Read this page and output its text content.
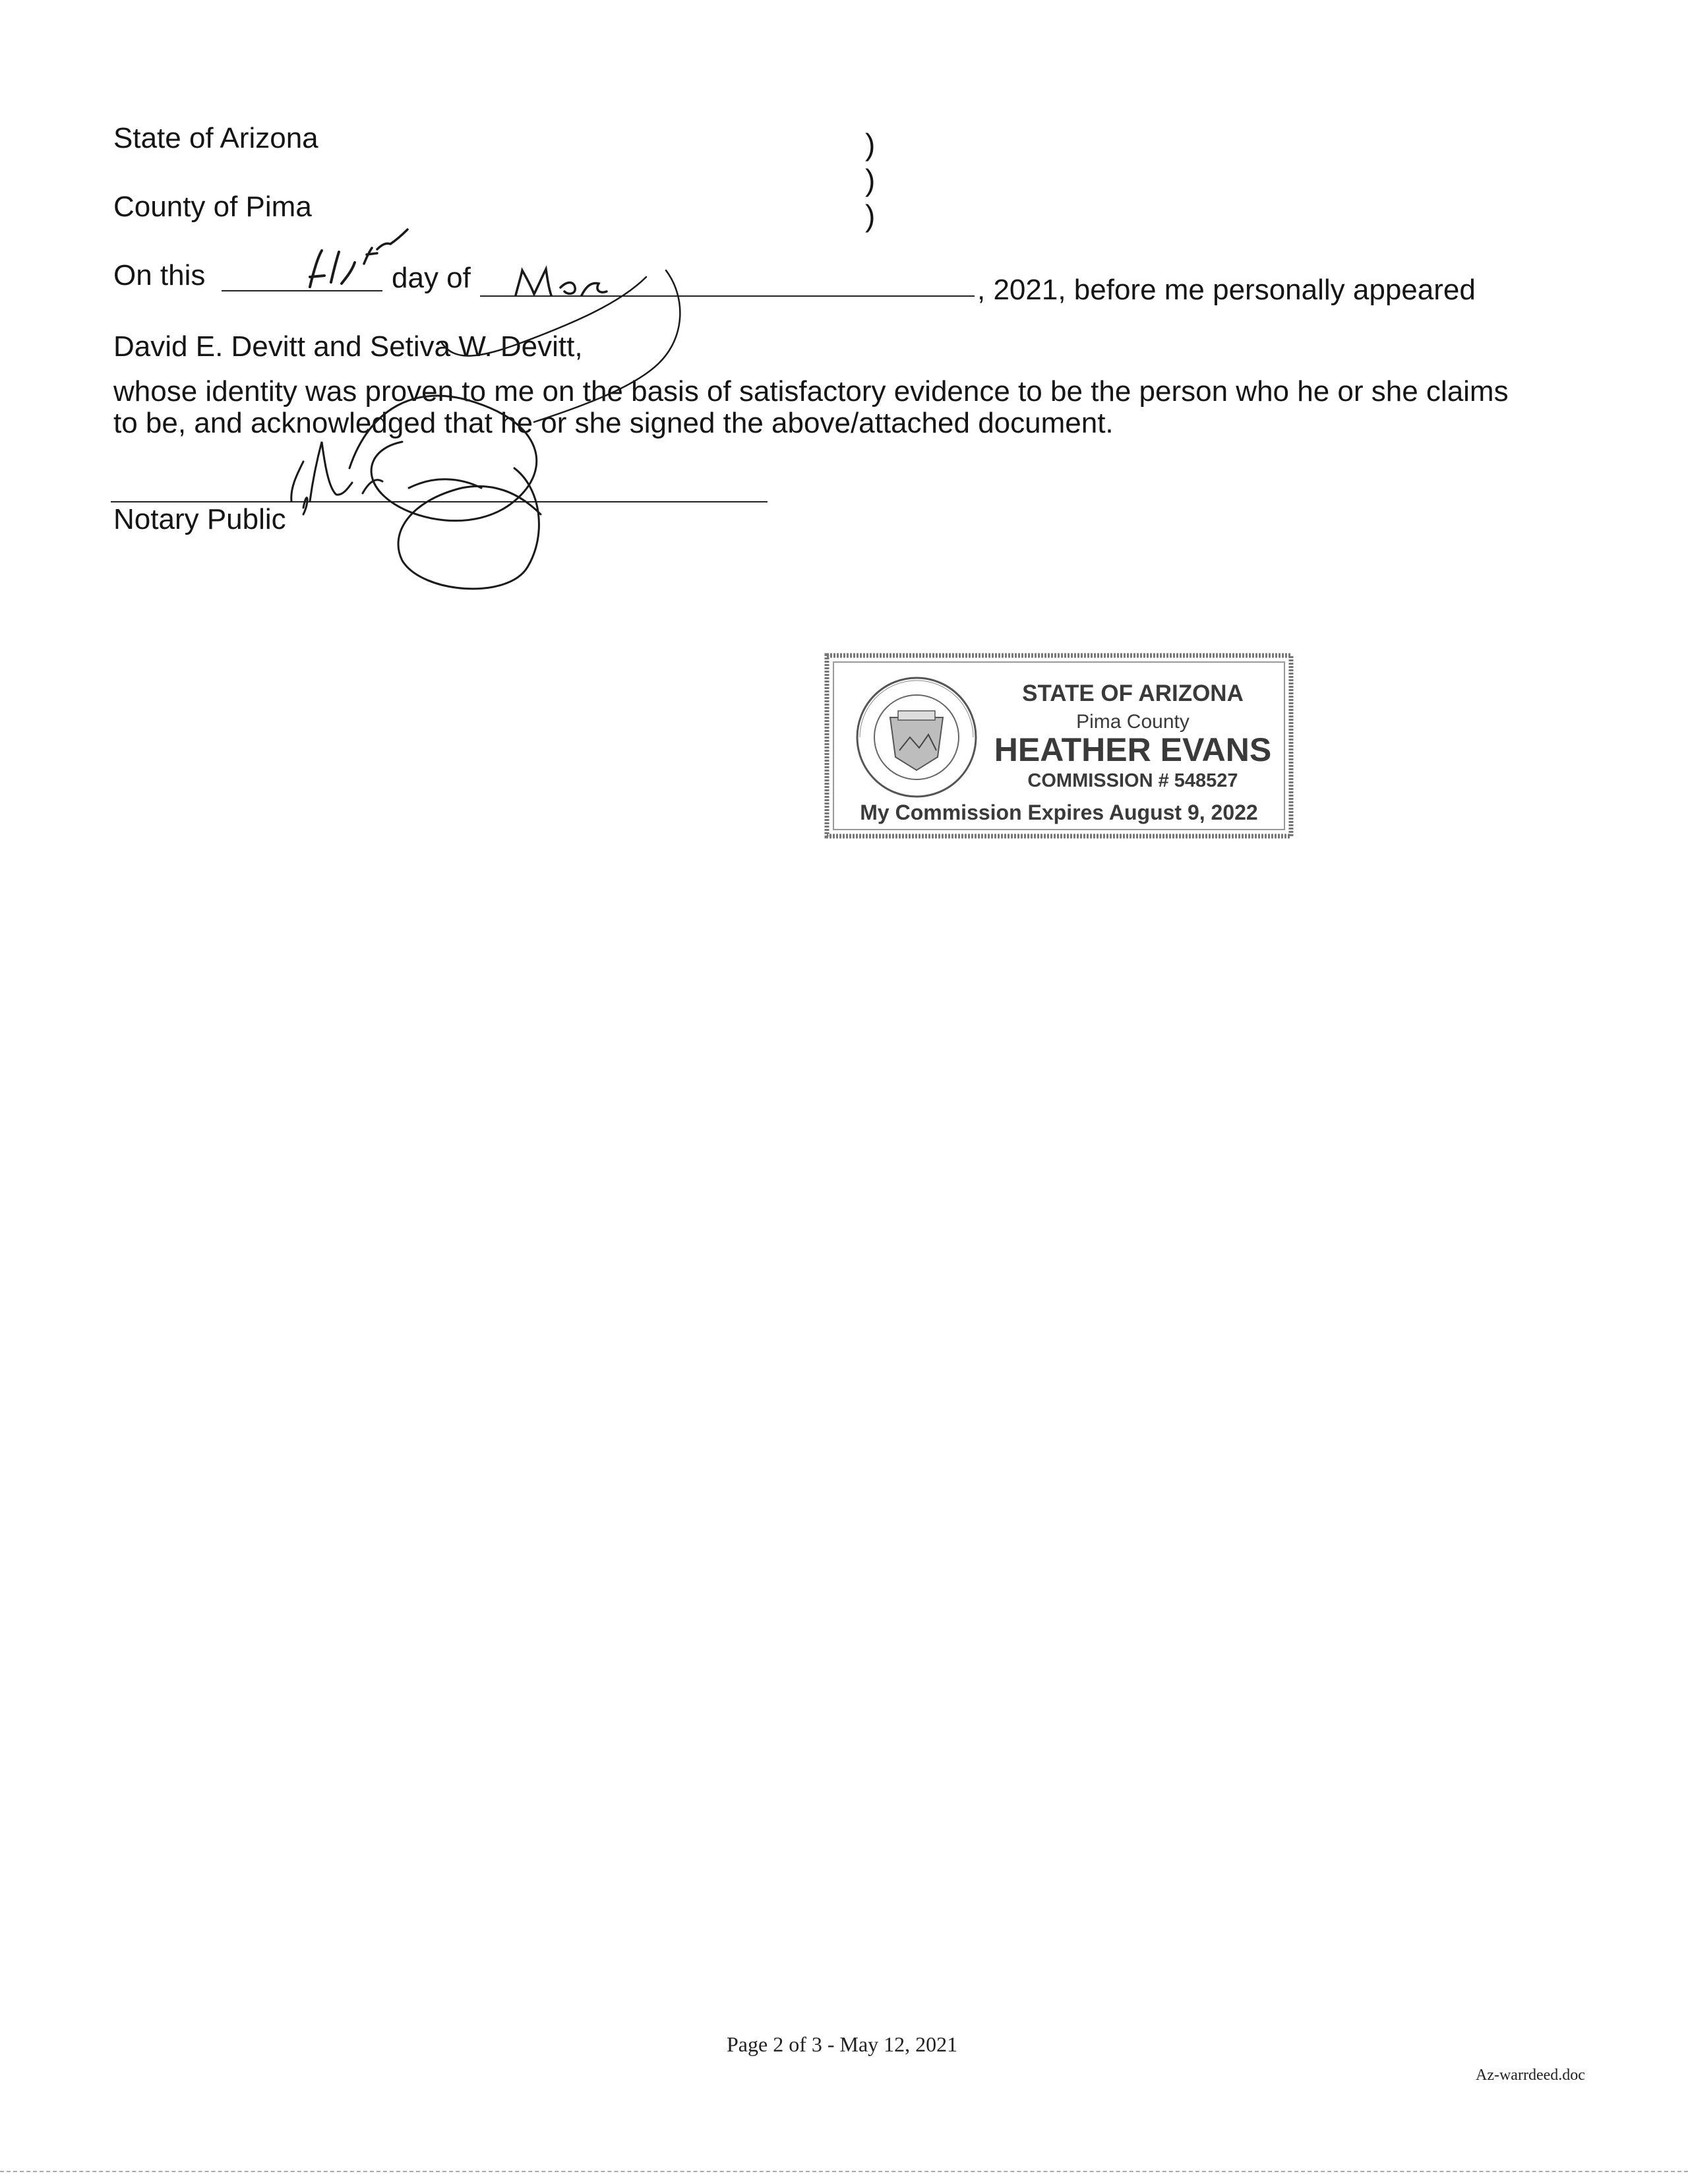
State of Arizona
County of Pima
)
)
)
On this	day of	, 2021, before me personally appeared
David E. Devitt and Setiva W. Devitt,
whose identity was proven to me on the basis of satisfactory evidence to be the person who he or she claims
to be, and acknowledged that he or she signed the above/attached document.
Notary Public
STATE OF ARIZONA
Pima County
HEATHER EVANS
COMMISSION # 548527
My Commission Expires August 9, 2022
Page 2 of 3 - May 12, 2021
Az-warrdeed.doc
